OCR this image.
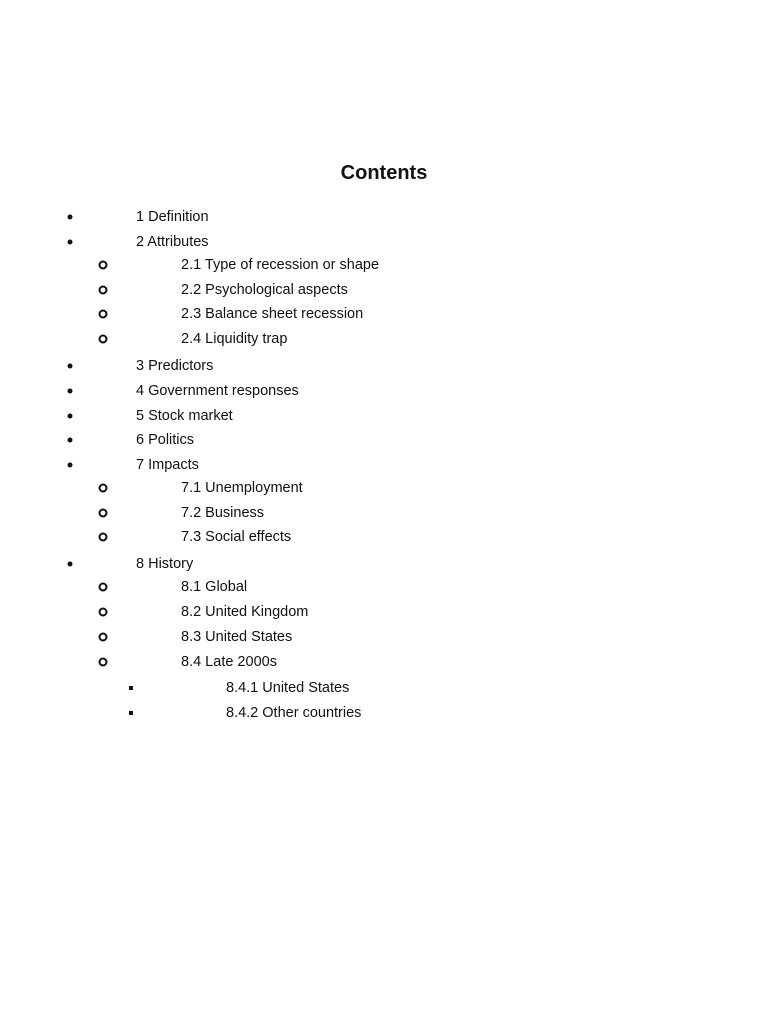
Contents
1 Definition
2 Attributes
2.1 Type of recession or shape
2.2 Psychological aspects
2.3 Balance sheet recession
2.4 Liquidity trap
3 Predictors
4 Government responses
5 Stock market
6 Politics
7 Impacts
7.1 Unemployment
7.2 Business
7.3 Social effects
8 History
8.1 Global
8.2 United Kingdom
8.3 United States
8.4 Late 2000s
8.4.1 United States
8.4.2 Other countries
